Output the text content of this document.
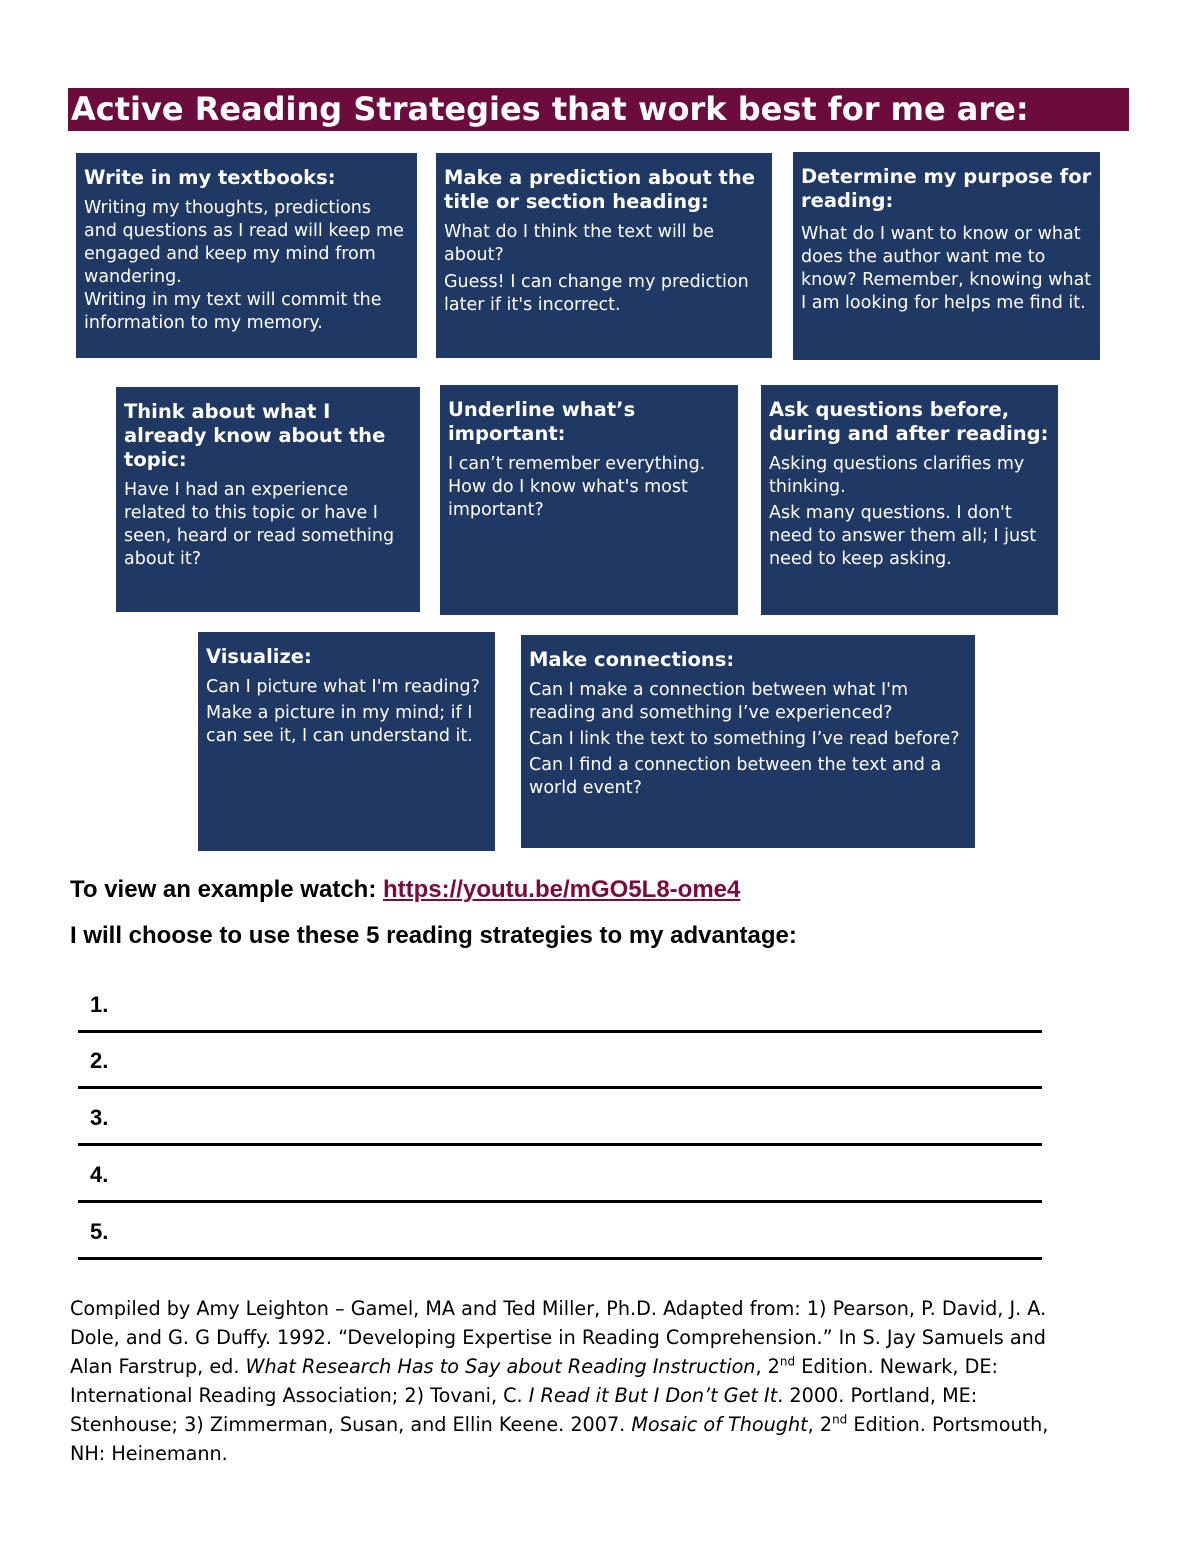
Active Reading Strategies that work best for me are:
Write in my textbooks:
Writing my thoughts, predictions and questions as I read will keep me engaged and keep my mind from wandering.
Writing in my text will commit the information to my memory.
Make a prediction about the title or section heading:
What do I think the text will be about?
Guess! I can change my prediction later if it's incorrect.
Determine my purpose for reading:
What do I want to know or what does the author want me to know? Remember, knowing what I am looking for helps me find it.
Think about what I already know about the topic:
Have I had an experience related to this topic or have I seen, heard or read something about it?
Underline what’s important:
I can’t remember everything. How do I know what's most important?
Ask questions before, during and after reading:
Asking questions clarifies my thinking.
Ask many questions. I don't need to answer them all; I just need to keep asking.
Visualize:
Can I picture what I'm reading?
Make a picture in my mind; if I can see it, I can understand it.
Make connections:
Can I make a connection between what I'm reading and something I’ve experienced?
Can I link the text to something I’ve read before?
Can I find a connection between the text and a world event?
To view an example watch: https://youtu.be/mGO5L8-ome4
I will choose to use these 5 reading strategies to my advantage:
1.
2.
3.
4.
5.
Compiled by Amy Leighton – Gamel, MA and Ted Miller, Ph.D. Adapted from: 1) Pearson, P. David, J. A. Dole, and G. G Duffy. 1992. “Developing Expertise in Reading Comprehension.” In S. Jay Samuels and Alan Farstrup, ed. What Research Has to Say about Reading Instruction, 2nd Edition. Newark, DE: International Reading Association; 2) Tovani, C. I Read it But I Don’t Get It. 2000. Portland, ME: Stenhouse; 3) Zimmerman, Susan, and Ellin Keene. 2007. Mosaic of Thought, 2nd Edition. Portsmouth, NH: Heinemann.
